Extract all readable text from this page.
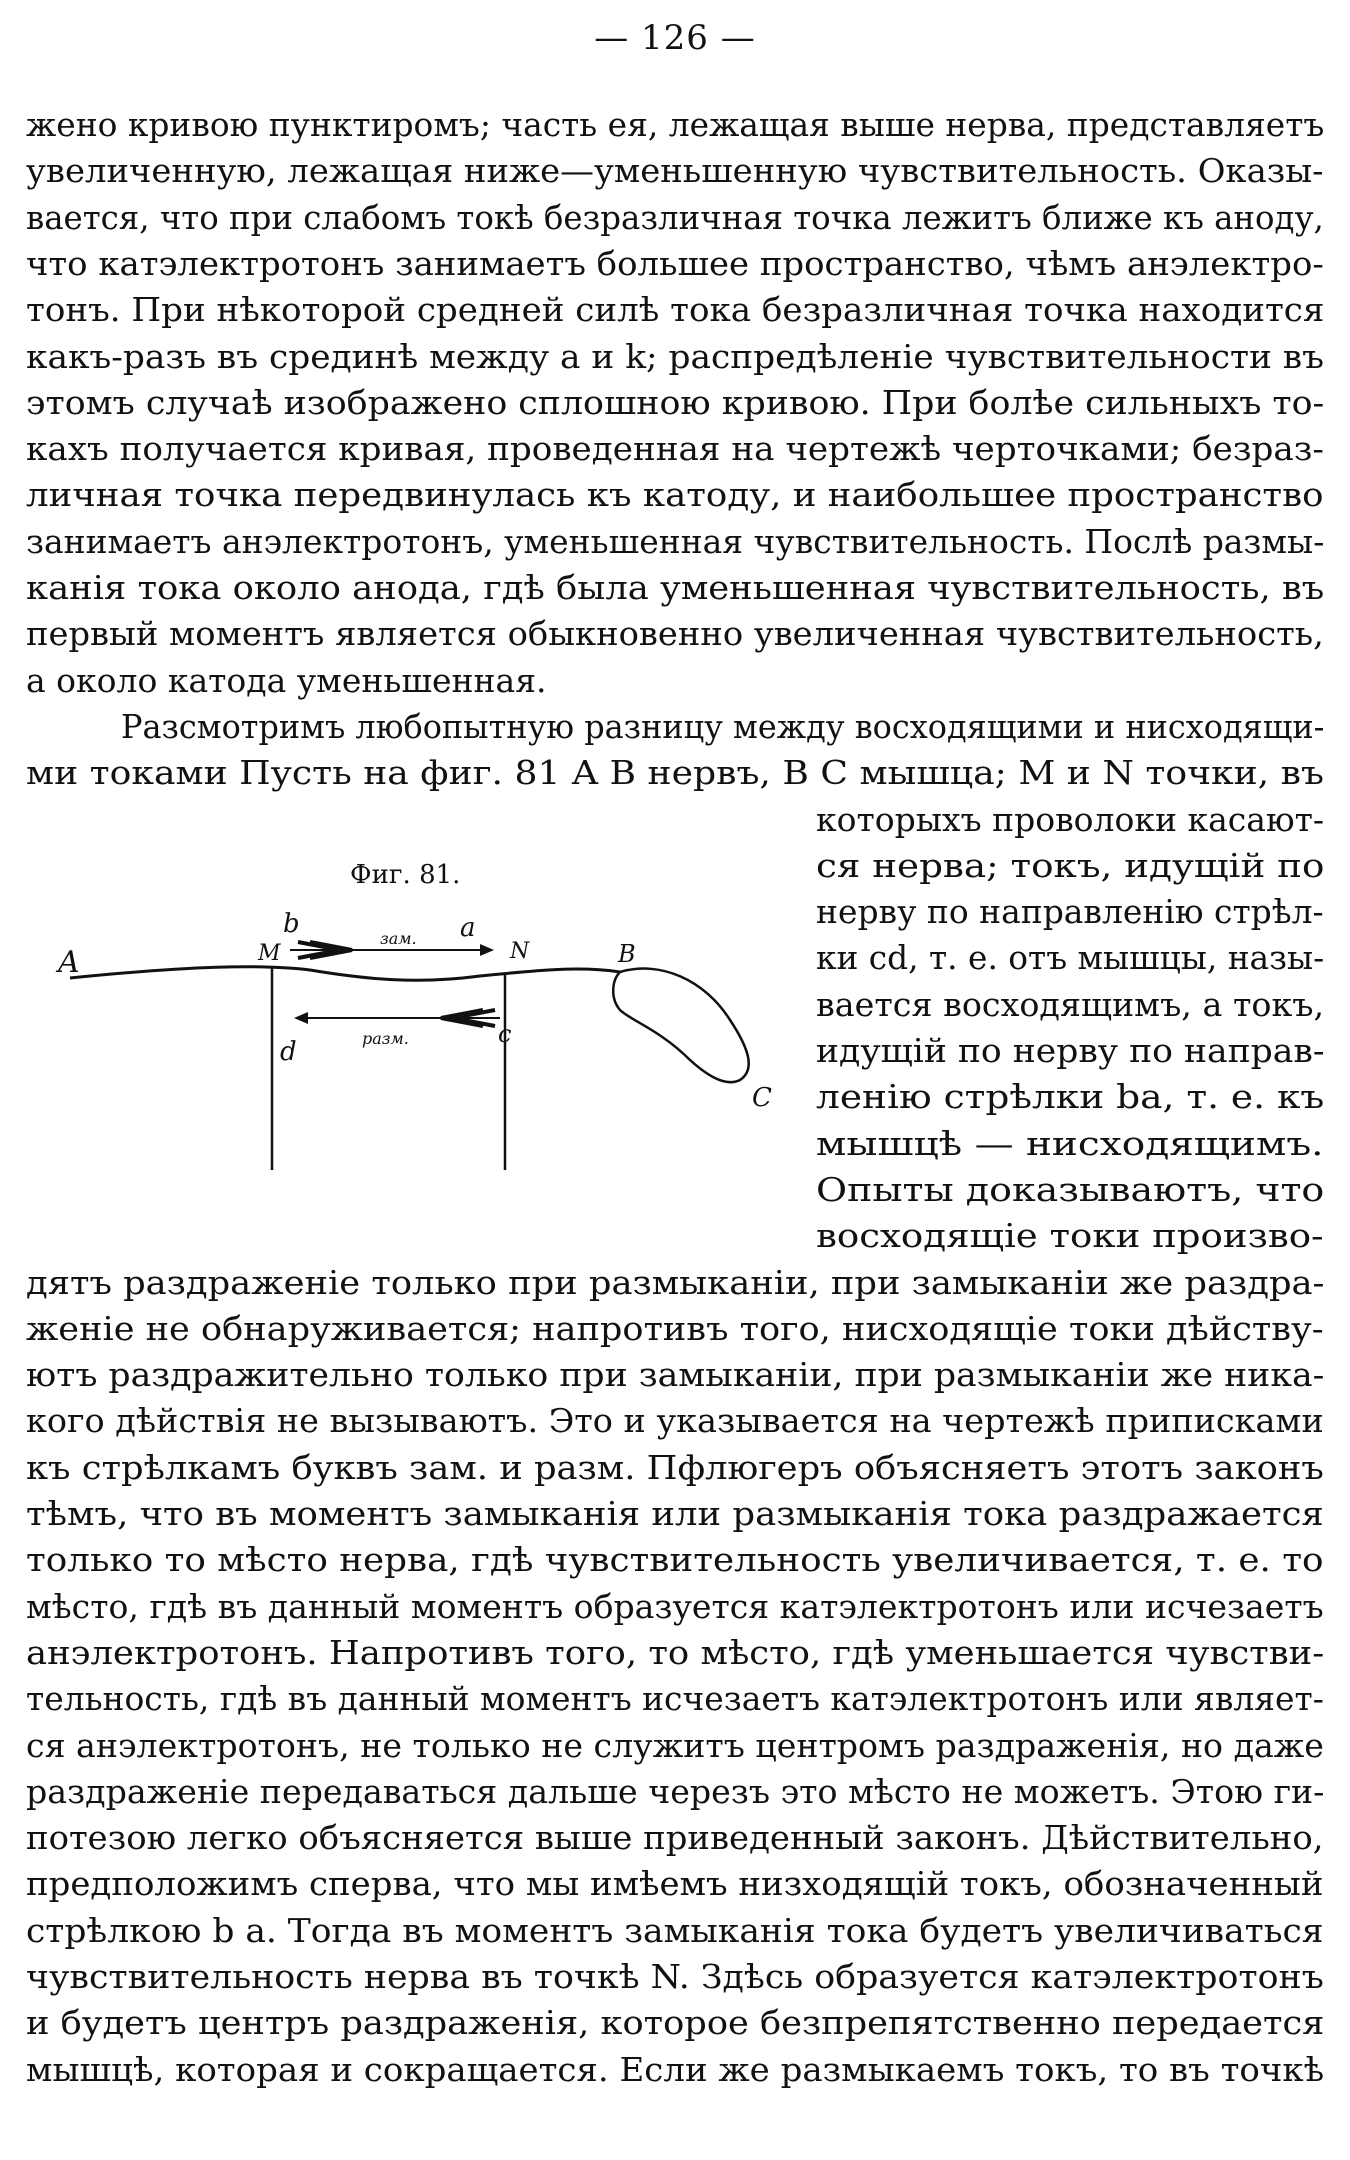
— 126 —
жено кривою пунктиромъ; часть ея, лежащая выше нерва, представляетъ
увеличенную, лежащая ниже—уменьшенную чувствительность. Оказы-
вается, что при слабомъ токѣ безразличная точка лежитъ ближе къ аноду,
что катэлектротонъ занимаетъ большее пространство, чѣмъ анэлектро-
тонъ. При нѣкоторой средней силѣ тока безразличная точка находится
какъ-разъ въ срединѣ между a и k; распредѣленіе чувствительности въ
этомъ случаѣ изображено сплошною кривою. При болѣе сильныхъ то-
кахъ получается кривая, проведенная на чертежѣ черточками; безраз-
личная точка передвинулась къ катоду, и наибольшее пространство
занимаетъ анэлектротонъ, уменьшенная чувствительность. Послѣ размы-
канія тока около анода, гдѣ была уменьшенная чувствительность, въ
первый моментъ является обыкновенно увеличенная чувствительность,
а около катода уменьшенная.
Разсмотримъ любопытную разницу между восходящими и нисходящи-
ми токами Пусть на фиг. 81 A B нервъ, B C мышца; M и N точки, въ
которыхъ проволоки касают-
ся нерва; токъ, идущій по
нерву по направленію стрѣл-
ки cd, т. е. отъ мышцы, назы-
вается восходящимъ, а токъ,
идущій по нерву по направ-
ленію стрѣлки ba, т. е. къ
мышцѣ — нисходящимъ.
Опыты доказываютъ, что
восходящіе токи произво-
дятъ раздраженіе только при размыканіи, при замыканіи же раздра-
женіе не обнаруживается; напротивъ того, нисходящіе токи дѣйству-
ютъ раздражительно только при замыканіи, при размыканіи же никa-
кого дѣйствія не вызываютъ. Это и указывается на чертежѣ приписками
къ стрѣлкамъ буквъ зам. и разм. Пфлюгеръ объясняетъ этотъ законъ
тѣмъ, что въ моментъ замыканія или размыканія тока раздражается
только то мѣсто нерва, гдѣ чувствительность увеличивается, т. е. то
мѣсто, гдѣ въ данный моментъ образуется катэлектротонъ или исчезаетъ
анэлектротонъ. Напротивъ того, то мѣсто, гдѣ уменьшается чувстви-
тельность, гдѣ въ данный моментъ исчезаетъ катэлектротонъ или являет-
ся анэлектротонъ, не только не служитъ центромъ раздраженія, но даже
раздраженіе передаваться дальше черезъ это мѣсто не можетъ. Этою ги-
потезою легко объясняется выше приведенный законъ. Дѣйствительно,
предположимъ сперва, что мы имѣемъ низходящій токъ, обозначенный
стрѣлкою b a. Тогда въ моментъ замыканія тока будетъ увеличиваться
чувствительность нерва въ точкѣ N. Здѣсь образуется катэлектротонъ
и будетъ центръ раздраженія, которое безпрепятственно передается
мышцѣ, которая и сокращается. Если же размыкаемъ токъ, то въ точкѣ
Фиг. 81.
A	M	N	B
C
b	a
c
d
зам.
разм.
